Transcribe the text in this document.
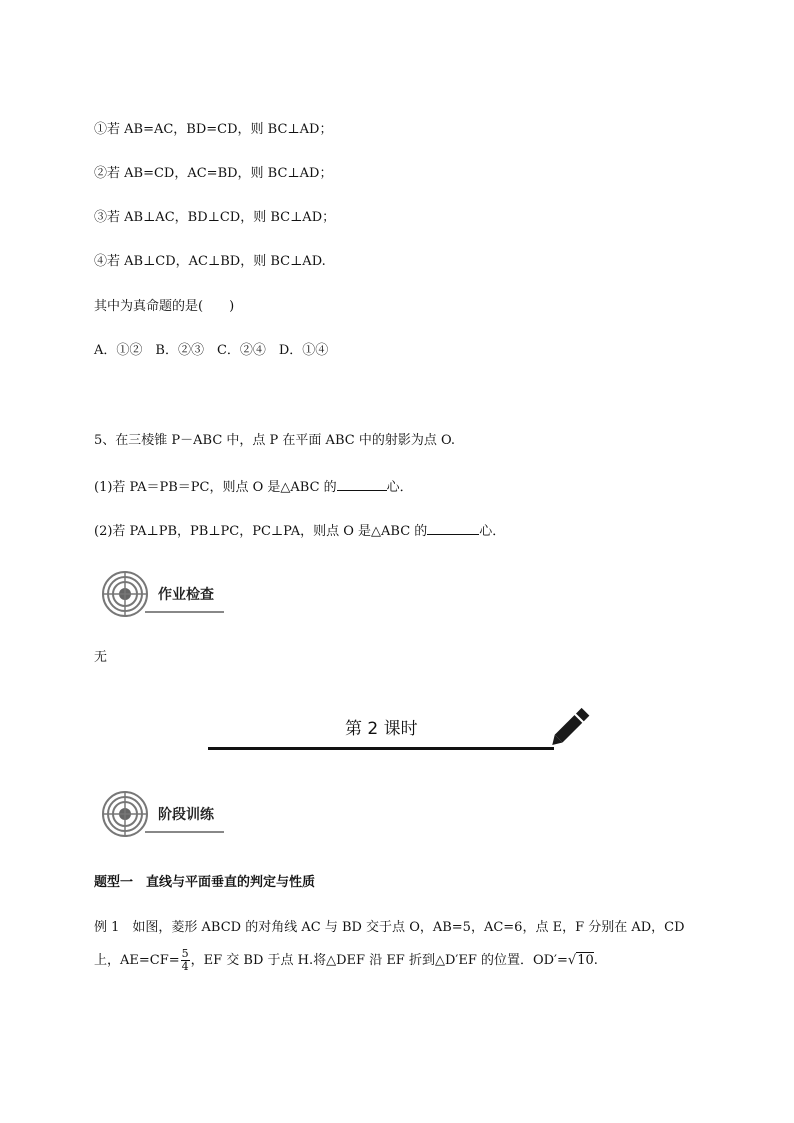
①若 AB=AC，BD=CD，则 BC⊥AD；
②若 AB=CD，AC=BD，则 BC⊥AD；
③若 AB⊥AC，BD⊥CD，则 BC⊥AD；
④若 AB⊥CD，AC⊥BD，则 BC⊥AD.
其中为真命题的是(　　)
A．①②　B．②③　C．②④　D．①④
5、在三棱锥 P－ABC 中，点 P 在平面 ABC 中的射影为点 O.
(1)若 PA＝PB＝PC，则点 O 是△ABC 的	心．
(2)若 PA⊥PB，PB⊥PC，PC⊥PA，则点 O 是△ABC 的	心．
作业检查
无
第 2 课时
阶段训练
题型一　直线与平面垂直的判定与性质
例 1　如图，菱形 ABCD 的对角线 AC 与 BD 交于点 O，AB=5，AC=6，点 E，F 分别在 AD，CD
上，$AE=CF= \frac{5}{4}$ ，EF 交 BD 于点 H.将△DEF 沿 EF 折到△D′EF 的位置．OD′=√10.
